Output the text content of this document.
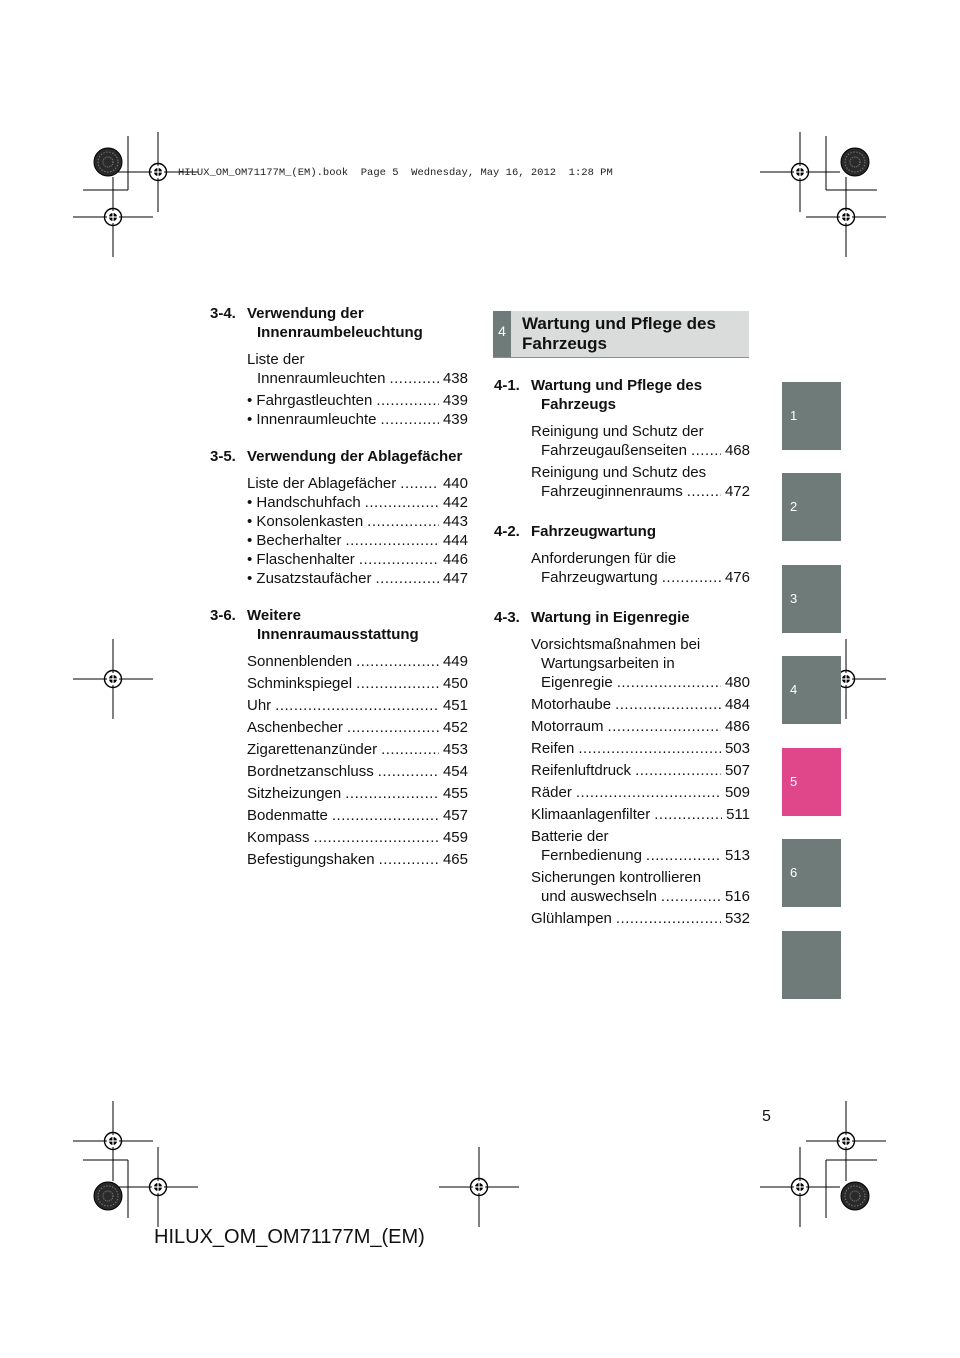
HILUX_OM_OM71177M_(EM).book  Page 5  Wednesday, May 16, 2012  1:28 PM
3-4. Verwendung der
Innenraumbeleuchtung
Liste der
Innenraumleuchten .....	438
• Fahrgastleuchten .....	439
• Innenraumleuchte .....	439
3-5. Verwendung der Ablagefächer
Liste der Ablagefächer .....	440
• Handschuhfach .....	442
• Konsolenkasten .....	443
• Becherhalter .....	444
• Flaschenhalter .....	446
• Zusatzstaufächer .....	447
3-6. Weitere
Innenraumausstattung
Sonnenblenden .....	449
Schminkspiegel .....	450
Uhr .....	451
Aschenbecher .....	452
Zigarettenanzünder .....	453
Bordnetzanschluss .....	454
Sitzheizungen .....	455
Bodenmatte .....	457
Kompass .....	459
Befestigungshaken .....	465
4 Wartung und Pflege des Fahrzeugs
4-1. Wartung und Pflege des
Fahrzeugs
Reinigung und Schutz der
Fahrzeugaußenseiten .....	468
Reinigung und Schutz des
Fahrzeuginnenraums .....	472
4-2. Fahrzeugwartung
Anforderungen für die
Fahrzeugwartung .....	476
4-3. Wartung in Eigenregie
Vorsichtsmaßnahmen bei
Wartungsarbeiten in
Eigenregie .....	480
Motorhaube .....	484
Motorraum .....	486
Reifen .....	503
Reifenluftdruck .....	507
Räder .....	509
Klimaanlagenfilter .....	511
Batterie der
Fernbedienung .....	513
Sicherungen kontrollieren
und auswechseln .....	516
Glühlampen .....	532
1
2
3
4
5
6
5
HILUX_OM_OM71177M_(EM)
